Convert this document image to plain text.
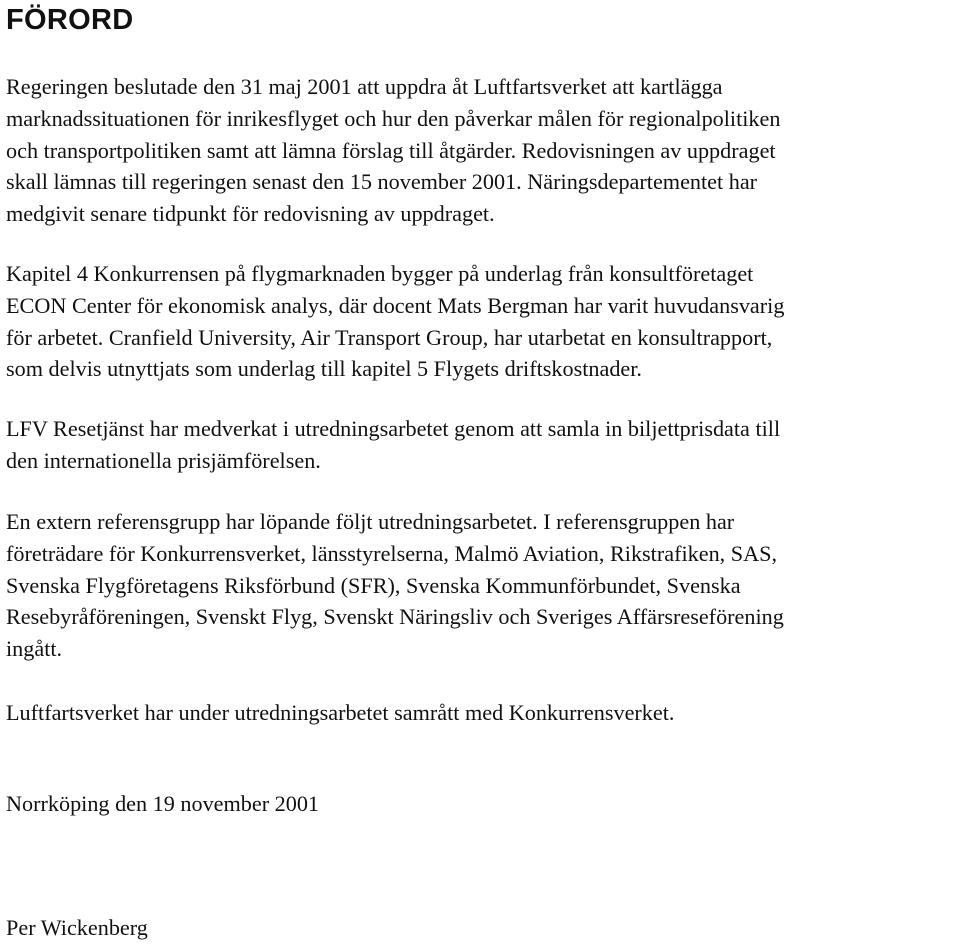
FÖRORD

Regeringen beslutade den 31 maj 2001 att uppdra åt Luftfartsverket att kartlägga
marknadssituationen för inrikesflyget och hur den påverkar målen för regionalpolitiken
och transportpolitiken samt att lämna förslag till åtgärder. Redovisningen av uppdraget
skall lämnas till regeringen senast den 15 november 2001. Näringsdepartementet har
medgivit senare tidpunkt för redovisning av uppdraget.

Kapitel 4 Konkurrensen på flygmarknaden bygger på underlag från konsultföretaget
ECON Center för ekonomisk analys, där docent Mats Bergman har varit huvudansvarig
för arbetet. Cranfield University, Air Transport Group, har utarbetat en konsultrapport,
som delvis utnyttjats som underlag till kapitel 5 Flygets driftskostnader.

LFV Resetjänst har medverkat i utredningsarbetet genom att samla in biljettprisdata till
den internationella prisjämförelsen.

En extern referensgrupp har löpande följt utredningsarbetet. I referensgruppen har
företrädare för Konkurrensverket, länsstyrelserna, Malmö Aviation, Rikstrafiken, SAS,
Svenska Flygföretagens Riksförbund (SFR), Svenska Kommunförbundet, Svenska
Resebyråföreningen, Svenskt Flyg, Svenskt Näringsliv och Sveriges Affärsreseförening
ingått.

Luftfartsverket har under utredningsarbetet samrått med Konkurrensverket.

Norrköping den 19 november 2001

Per Wickenberg
